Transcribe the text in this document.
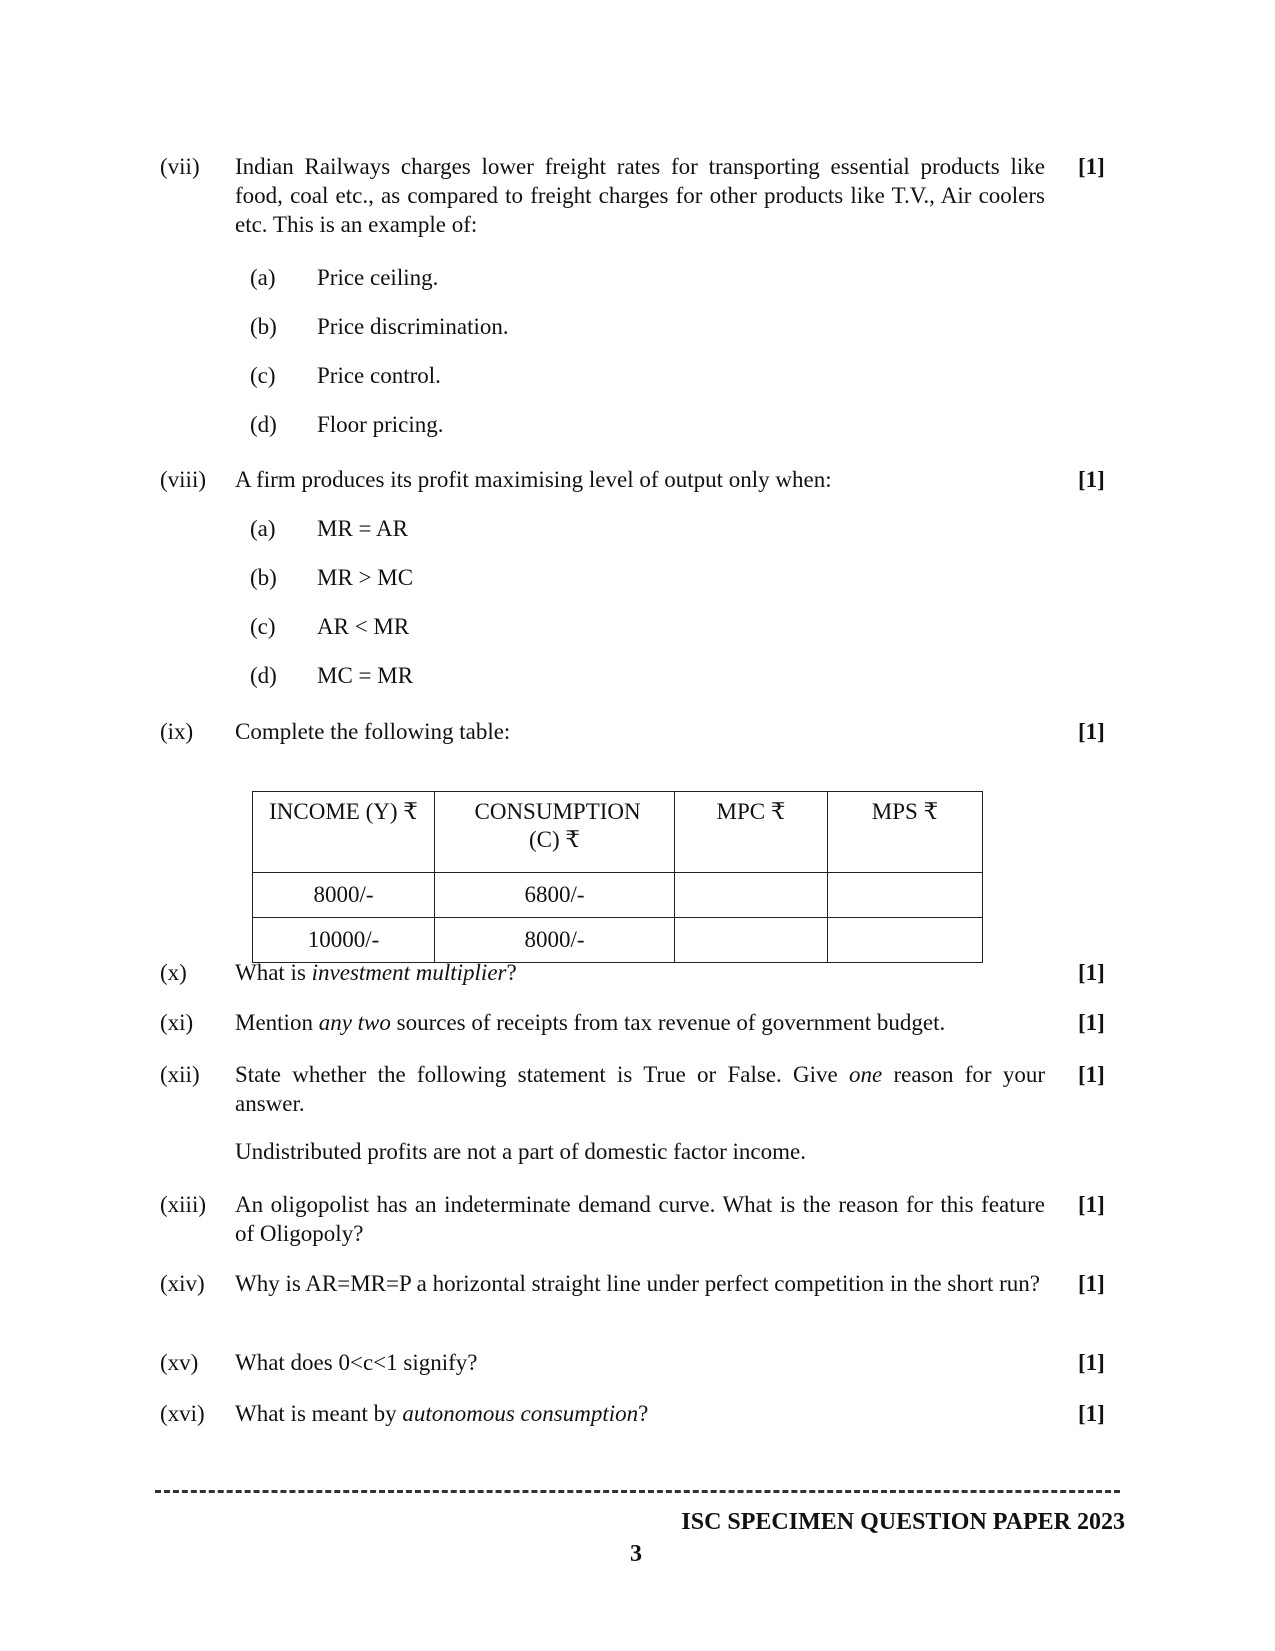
(vii) Indian Railways charges lower freight rates for transporting essential products like food, coal etc., as compared to freight charges for other products like T.V., Air coolers etc. This is an example of:
[1]
(a) Price ceiling.
(b) Price discrimination.
(c) Price control.
(d) Floor pricing.
(viii) A firm produces its profit maximising level of output only when:	[1]
(a) MR = AR
(b) MR > MC
(c) AR < MR
(d) MC = MR
(ix) Complete the following table:	[1]
INCOME (Y) ₹	CONSUMPTION (C) ₹	MPC ₹	MPS ₹
8000/-	6800/-		
10000/-	8000/-		
(x) What is investment multiplier?	[1]
(xi) Mention any two sources of receipts from tax revenue of government budget.	[1]
(xii) State whether the following statement is True or False. Give one reason for your answer.
[1]
Undistributed profits are not a part of domestic factor income.
(xiii) An oligopolist has an indeterminate demand curve. What is the reason for this feature of Oligopoly?
[1]
(xiv) Why is AR=MR=P a horizontal straight line under perfect competition in the short run? [1]
(xv) What does 0<c<1 signify?	[1]
(xvi) What is meant by autonomous consumption?	[1]
ISC SPECIMEN QUESTION PAPER 2023
3
